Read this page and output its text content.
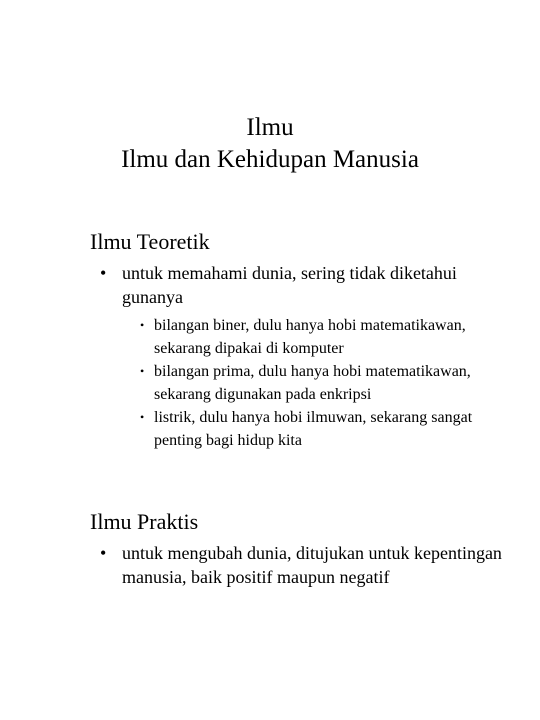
Ilmu
Ilmu dan Kehidupan Manusia
Ilmu Teoretik
• untuk memahami dunia, sering tidak diketahui gunanya
• bilangan biner, dulu hanya hobi matematikawan, sekarang dipakai di komputer
• bilangan prima, dulu hanya hobi matematikawan, sekarang digunakan pada enkripsi
• listrik, dulu hanya hobi ilmuwan, sekarang sangat penting bagi hidup kita
Ilmu Praktis
• untuk mengubah dunia, ditujukan untuk kepentingan manusia, baik positif maupun negatif
